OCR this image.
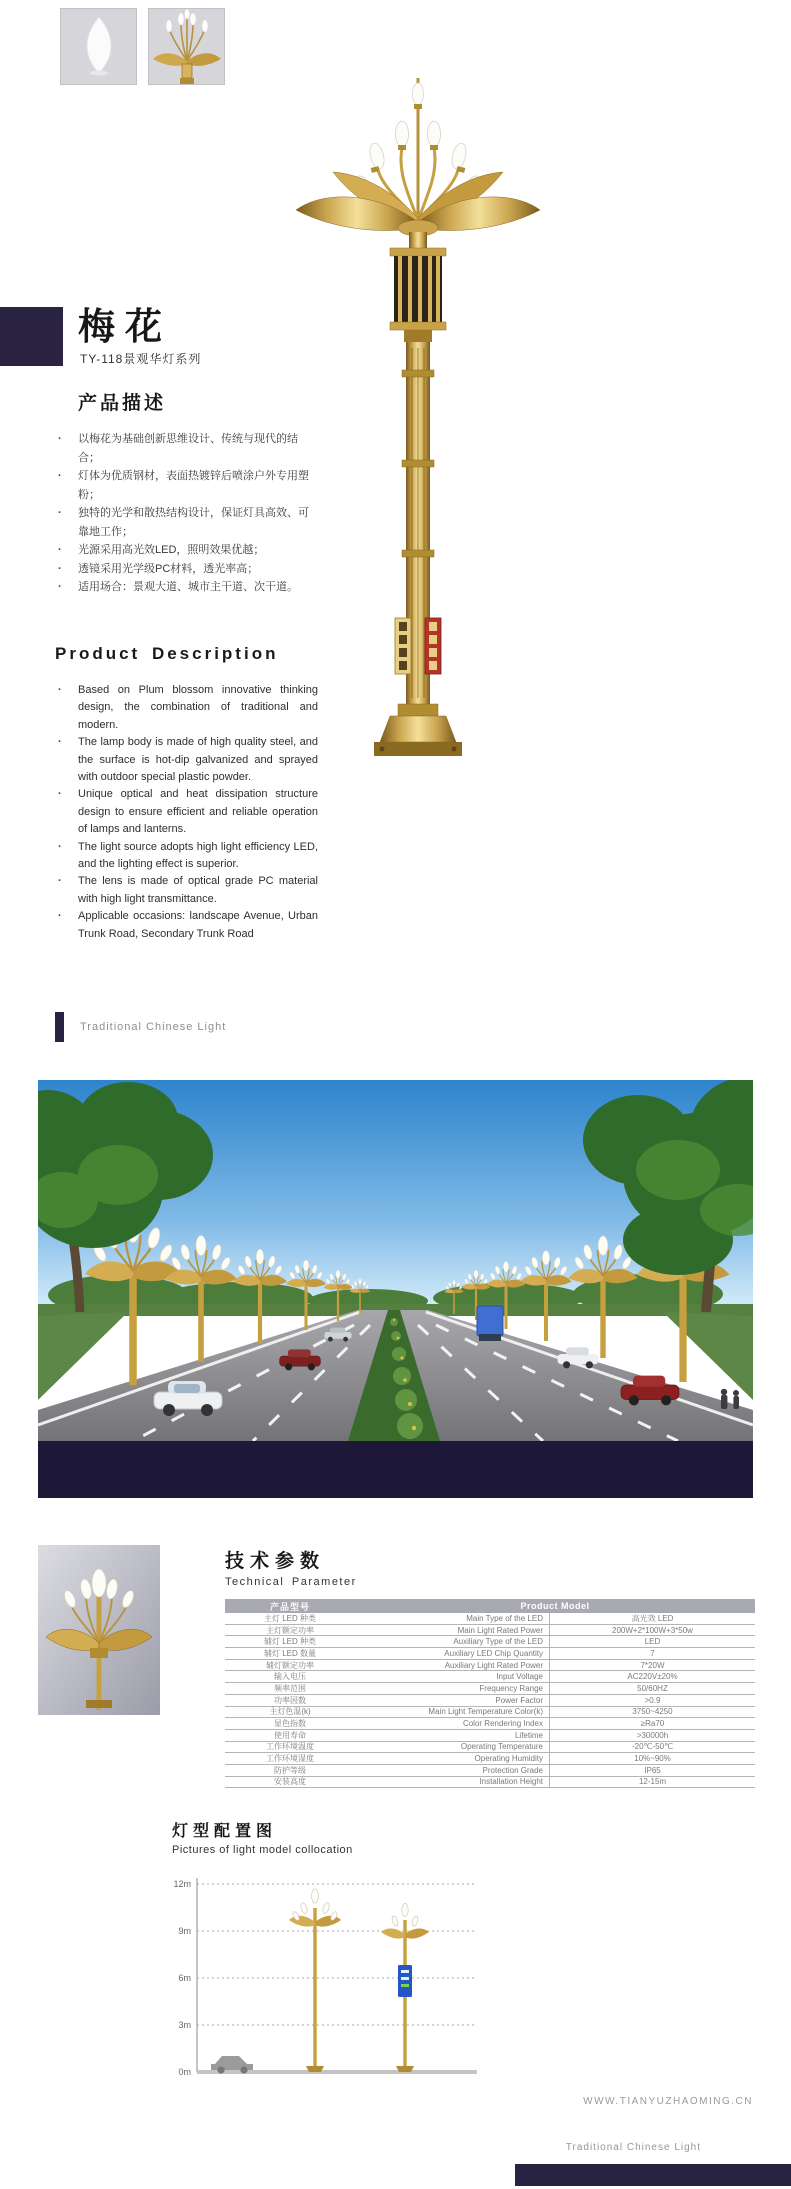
梅花
TY-118景观华灯系列
产品描述
· 以梅花为基础创新思维设计、传统与现代的结合；
· 灯体为优质钢材，表面热镀锌后喷涂户外专用塑粉；
· 独特的光学和散热结构设计，保证灯具高效、可靠地工作；
· 光源采用高光效LED，照明效果优越；
· 透镜采用光学级PC材料，透光率高；
· 适用场合：景观大道、城市主干道、次干道。
Product Description
· Based on Plum blossom innovative thinking design, the combination of traditional and modern.
· The lamp body is made of high quality steel, and the surface is hot-dip galvanized and sprayed with outdoor special plastic powder.
· Unique optical and heat dissipation structure design to ensure efficient and reliable operation of lamps and lanterns.
· The light source adopts high light efficiency LED, and the lighting effect is superior.
· The lens is made of optical grade PC material with high light transmittance.
· Applicable occasions: landscape Avenue, Urban Trunk Road, Secondary Trunk Road
Traditional Chinese Light
技术参数
Technical Parameter
产品型号	Product Model
主灯 LED 种类	Main Type of the LED	高光效 LED
主灯额定功率	Main Light Rated Power	200W+2*100W+3*50w
辅灯 LED 种类	Auxiliary Type of the LED	LED
辅灯 LED 数量	Auxiliary LED Chip Quantity	7
辅灯额定功率	Auxiliary Light Rated Power	7*20W
输入电压	Input Voltage	AC220V±20%
频率范围	Frequency Range	50/60HZ
功率因数	Power Factor	>0.9
主灯色温(k)	Main Light Temperature Color(k)	3750~4250
显色指数	Color Rendering Index	≥Ra70
使用寿命	Lifetime	>30000h
工作环境温度	Operating Temperature	-20℃-50℃
工作环境湿度	Operating Humidity	10%~90%
防护等级	Protection Grade	IP65
安装高度	Installation Height	12-15m
灯型配置图
Pictures of light model collocation
12m
9m
6m
3m
0m
WWW.TIANYUZHAOMING.CN
Traditional Chinese Light
